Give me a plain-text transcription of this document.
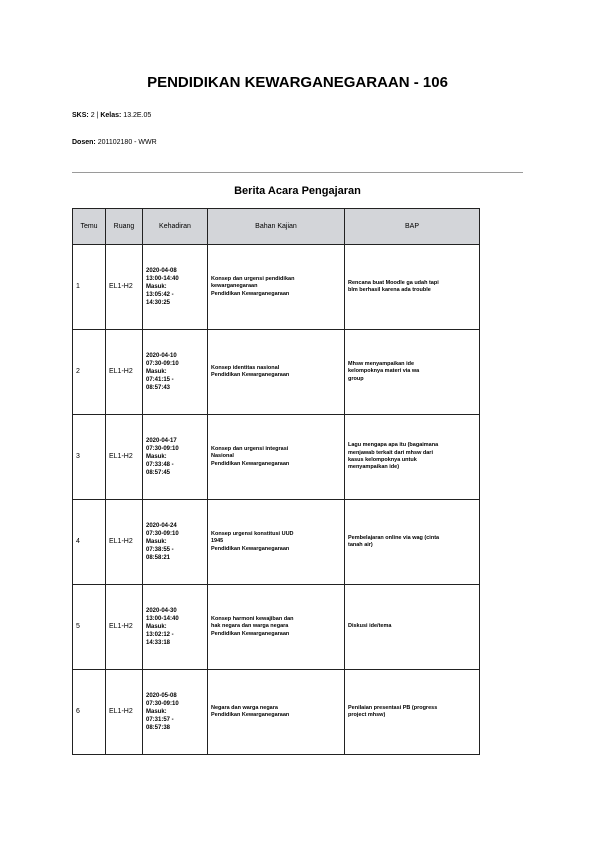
PENDIDIKAN KEWARGANEGARAAN - 106
SKS: 2 | Kelas: 13.2E.05
Dosen: 201102180 - WWR
Berita Acara Pengajaran
Temu	Ruang	Kehadiran	Bahan Kajian	BAP
1	EL1-H2	2020-04-08
13:00-14:40
Masuk:
13:05:42 -
14:30:25	Konsep dan urgensi pendidikan
kewarganegaraan
Pendidikan Kewarganegaraan	Rencana buat Moodle ga udah tapi
blm berhasil karena ada trouble

2	EL1-H2	2020-04-10
07:30-09:10
Masuk:
07:41:15 -
08:57:43	Konsep identitas nasional
Pendidikan Kewarganegaraan	Mhsw menyampaikan ide
kelompoknya materi via wa
group

3	EL1-H2	2020-04-17
07:30-09:10
Masuk:
07:33:48 -
08:57:45	Konsep dan urgensi integrasi
Nasional
Pendidikan Kewarganegaraan	Lagu mengapa apa itu (bagaimana
menjawab terkait dari mhsw dari
kasus kelompoknya untuk
menyampaikan ide)

4	EL1-H2	2020-04-24
07:30-09:10
Masuk:
07:38:55 -
08:58:21	Konsep urgensi konstitusi UUD
1945
Pendidikan Kewarganegaraan	Pembelajaran online via wag (cinta
tanah air)

5	EL1-H2	2020-04-30
13:00-14:40
Masuk:
13:02:12 -
14:33:18	Konsep harmoni kewajiban dan
hak negara dan warga negara
Pendidikan Kewarganegaraan	Diskusi ide/tema

6	EL1-H2	2020-05-08
07:30-09:10
Masuk:
07:31:57 -
08:57:38	Negara dan warga negara
Pendidikan Kewarganegaraan	Penilaian presentasi PB (progress
project mhsw)
